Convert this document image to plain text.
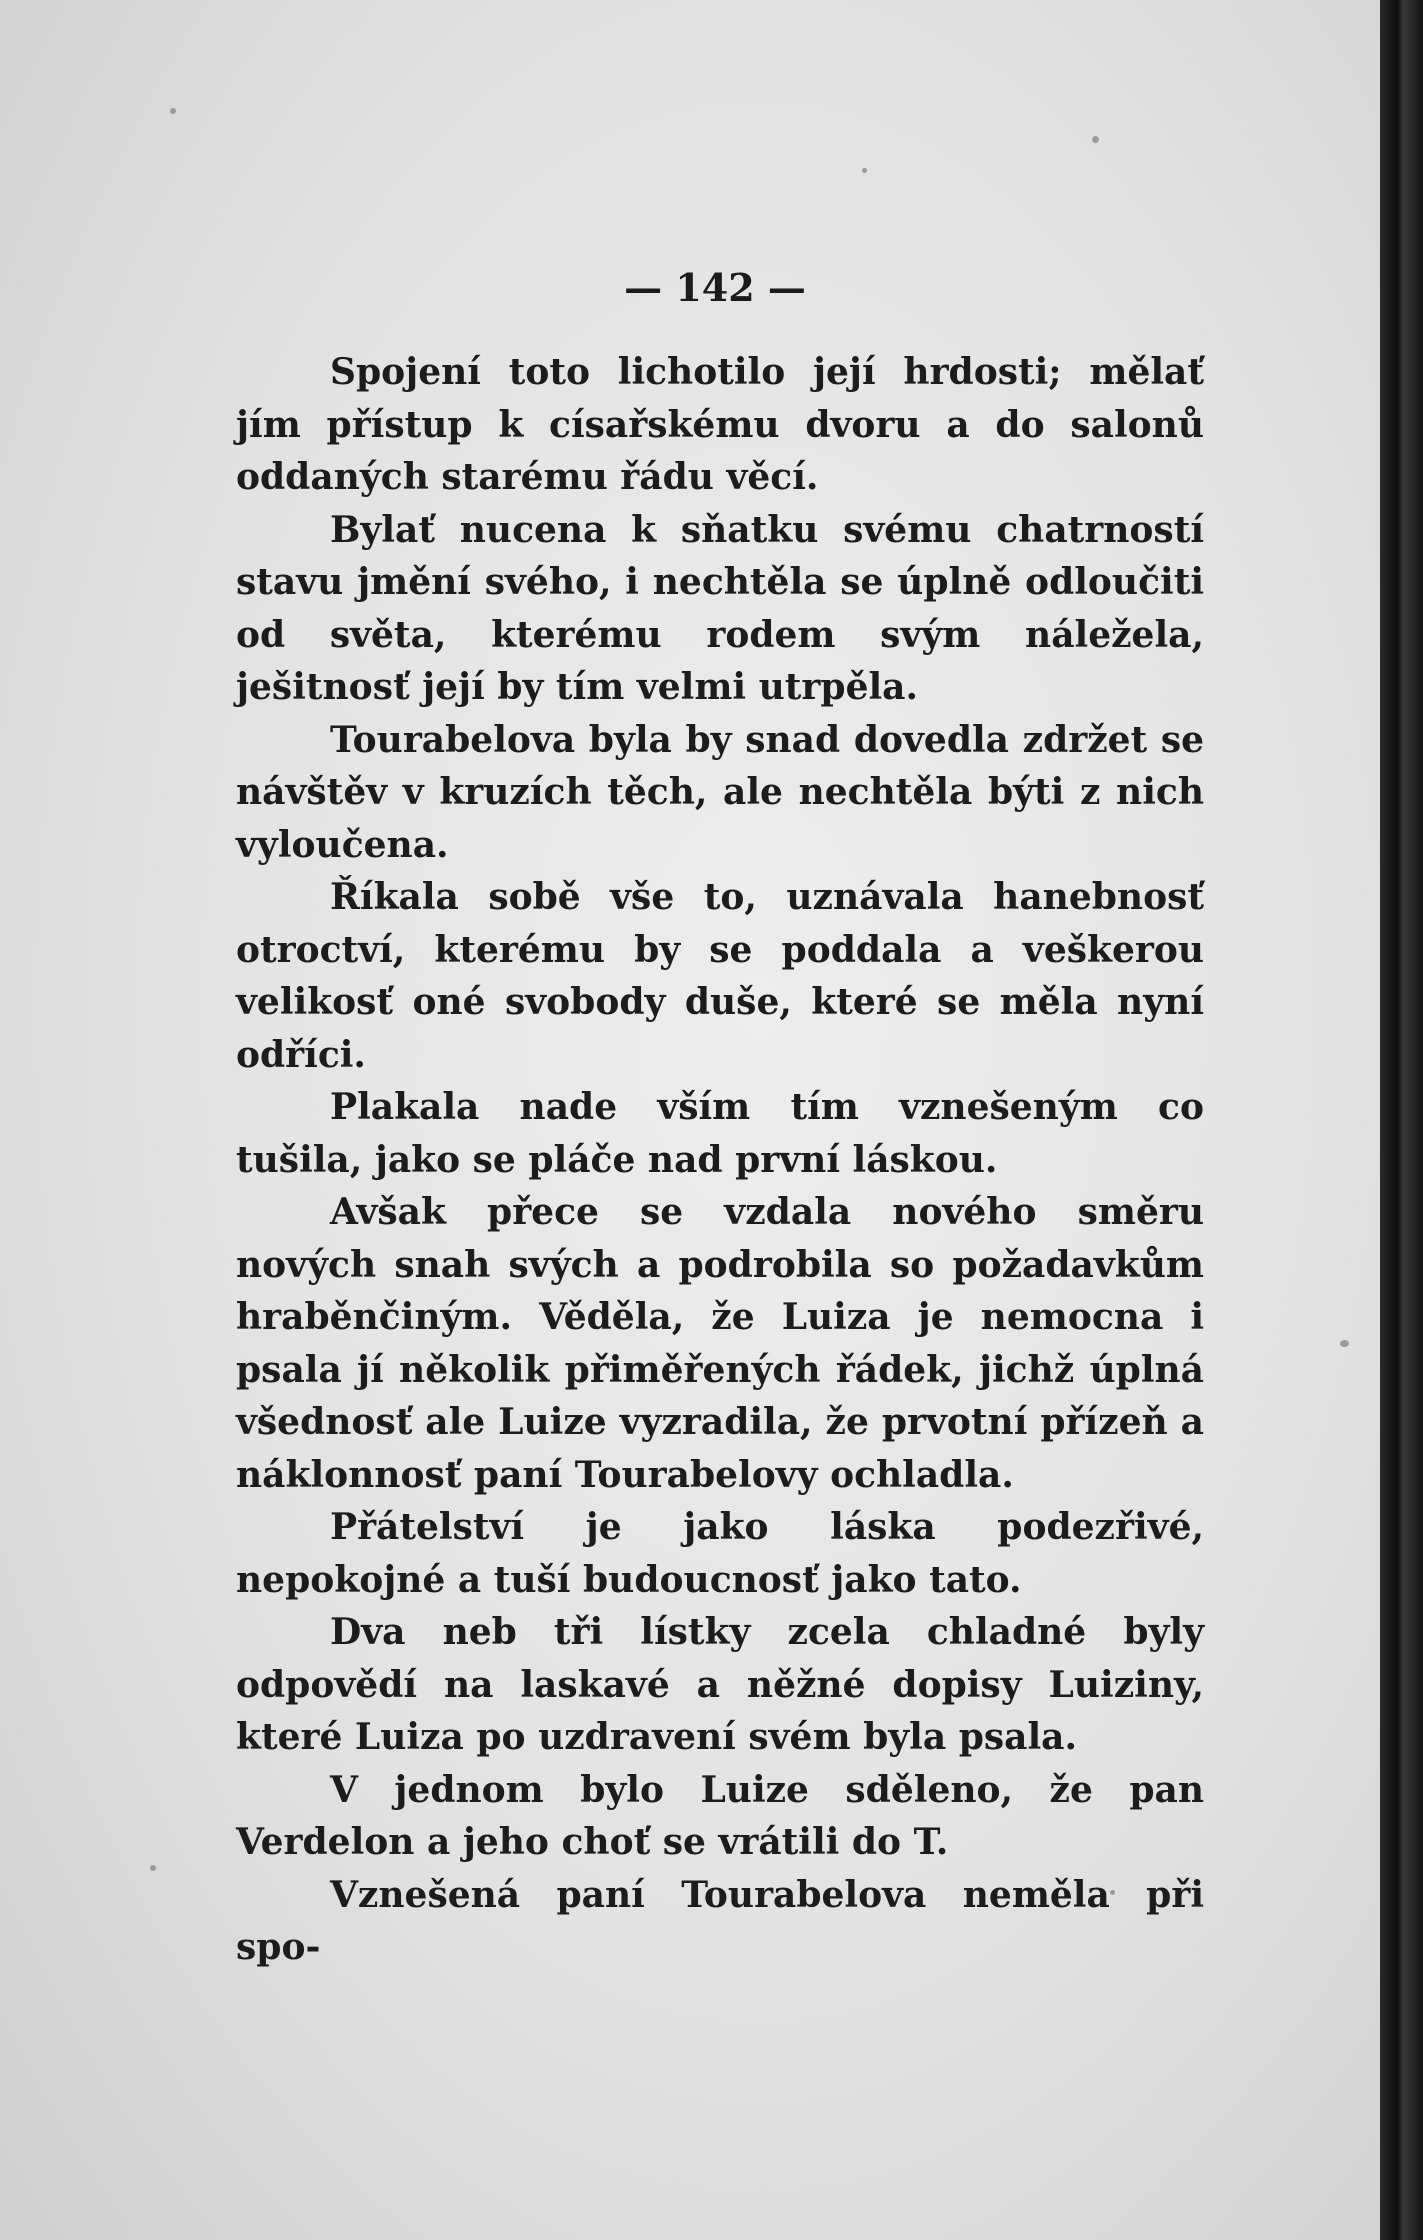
— 142 —

Spojení toto lichotilo její hrdosti; mělať jím přístup k císařskému dvoru a do salonů oddaných starému řádu věcí.

Bylať nucena k sňatku svému chatrností stavu jmění svého, i nechtěla se úplně odloučiti od světa, kterému rodem svým náležela, ješitnosť její by tím velmi utrpěla.

Tourabelova byla by snad dovedla zdržet se návštěv v kruzích těch, ale nechtěla býti z nich vyloučena.

Říkala sobě vše to, uznávala hanebnosť otroctví, kterému by se poddala a veškerou velikosť oné svobody duše, které se měla nyní odříci.

Plakala nade vším tím vznešeným co tušila, jako se pláče nad první láskou.

Avšak přece se vzdala nového směru nových snah svých a podrobila so požadavkům hraběnčiným. Věděla, že Luiza je nemocna i psala jí několik přiměřených řádek, jichž úplná všednosť ale Luize vyzradila, že prvotní přízeň a náklonnosť paní Tourabelovy ochladla.

Přátelství je jako láska podezřivé, nepokojné a tuší budoucnosť jako tato.

Dva neb tři lístky zcela chladné byly odpovědí na laskavé a něžné dopisy Luiziny, které Luiza po uzdravení svém byla psala.

V jednom bylo Luize sděleno, že pan Verdelon a jeho choť se vrátili do T.

Vznešená paní Tourabelova neměla při spo-
